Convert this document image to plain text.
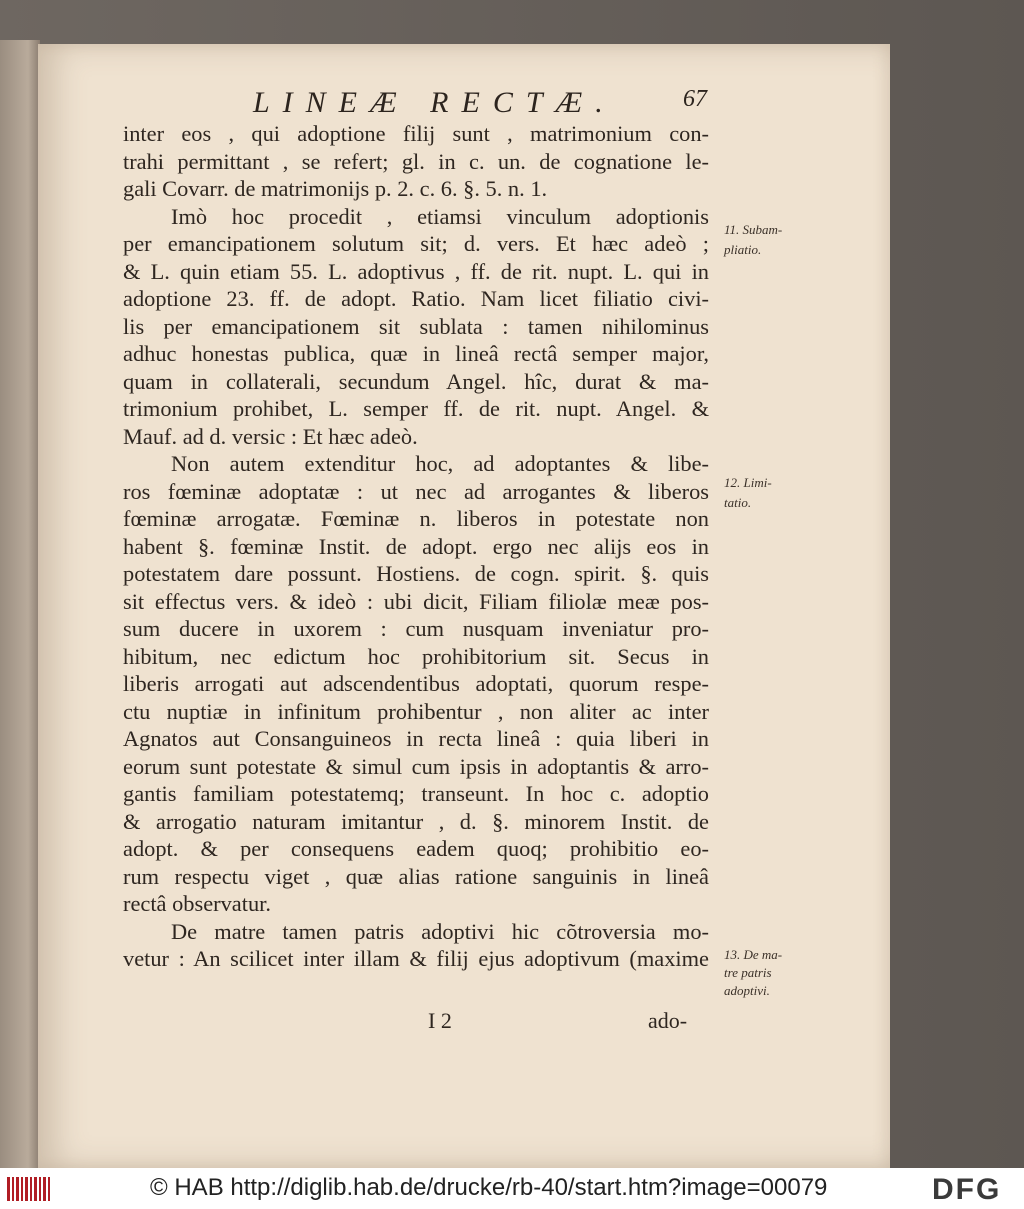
LINEÆ RECTÆ.	67
inter eos , qui adoptione filij sunt , matrimonium con-
trahi permittant , se refert; gl. in c. un. de cognatione le-
gali Covarr. de matrimonijs p. 2. c. 6. §. 5. n. 1.
Imò hoc procedit , etiamsi vinculum adoptionis
per emancipationem solutum sit; d. vers. Et hæc adeò ;
& L. quin etiam 55. L. adoptivus , ff. de rit. nupt. L. qui in
adoptione 23. ff. de adopt. Ratio. Nam licet filiatio civi-
lis per emancipationem sit sublata : tamen nihilominus
adhuc honestas publica, quæ in lineâ rectâ semper major,
quam in collaterali, secundum Angel. hîc, durat & ma-
trimonium prohibet, L. semper ff. de rit. nupt. Angel. &
Mauf. ad d. versic : Et hæc adeò.
Non autem extenditur hoc, ad adoptantes & libe-
ros fœminæ adoptatæ : ut nec ad arrogantes & liberos
fœminæ arrogatæ. Fœminæ n. liberos in potestate non
habent §. fœminæ Instit. de adopt. ergo nec alijs eos in
potestatem dare possunt. Hostiens. de cogn. spirit. §. quis
sit effectus vers. & ideò : ubi dicit, Filiam filiolæ meæ pos-
sum ducere in uxorem : cum nusquam inveniatur pro-
hibitum, nec edictum hoc prohibitorium sit. Secus in
liberis arrogati aut adscendentibus adoptati, quorum respe-
ctu nuptiæ in infinitum prohibentur , non aliter ac inter
Agnatos aut Consanguineos in recta lineâ : quia liberi in
eorum sunt potestate & simul cum ipsis in adoptantis & arro-
gantis familiam potestatemq; transeunt. In hoc c. adoptio
& arrogatio naturam imitantur , d. §. minorem Instit. de
adopt. & per consequens eadem quoq; prohibitio eo-
rum respectu viget , quæ alias ratione sanguinis in lineâ
rectâ observatur.
De matre tamen patris adoptivi hic cõtroversia mo-
vetur : An scilicet inter illam & filij ejus adoptivum (maxime
11. Subam-
pliatio.
12. Limi-
tatio.
13. De ma-
tre patris
adoptivi.
I 2	ado-
© HAB http://diglib.hab.de/drucke/rb-40/start.htm?image=00079	DFG
